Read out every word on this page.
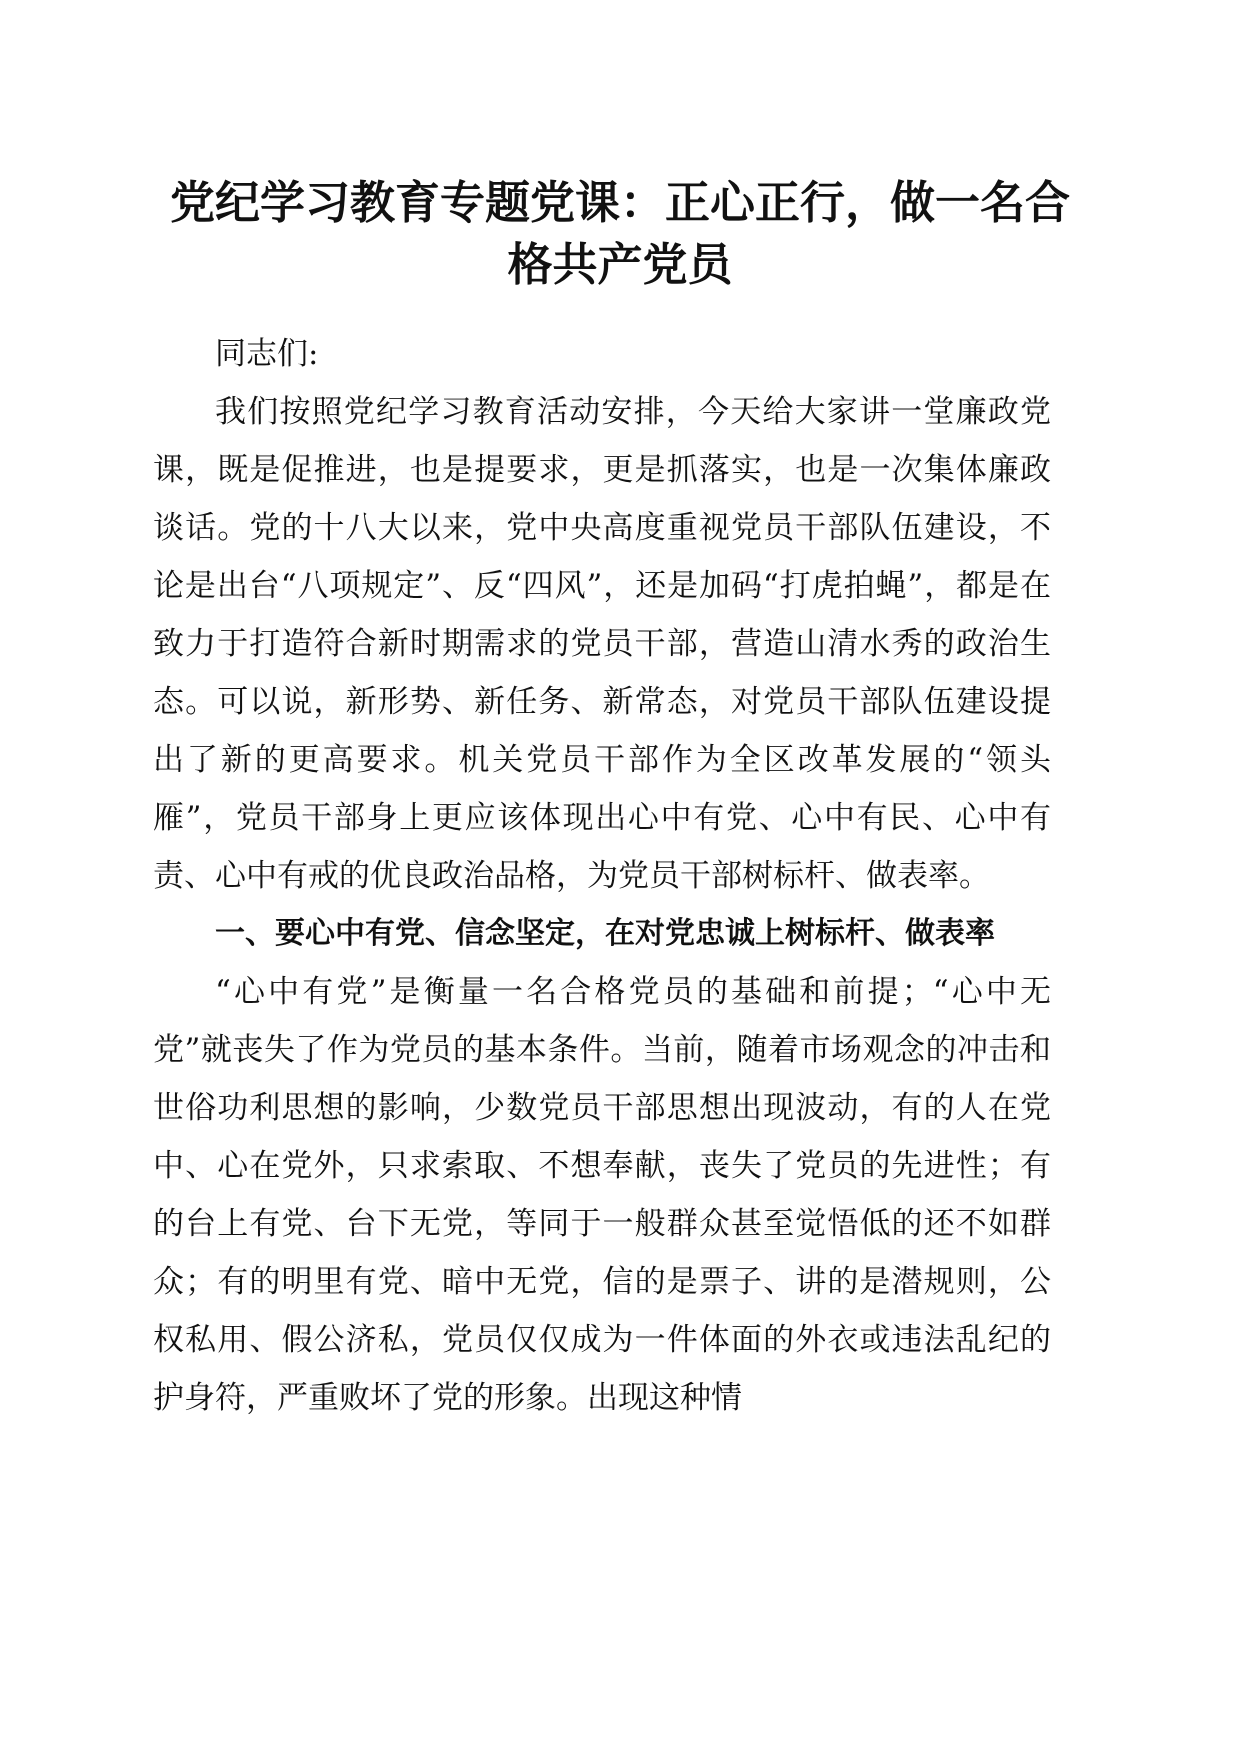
党纪学习教育专题党课：正心正行，做一名合
格共产党员

同志们:

我们按照党纪学习教育活动安排，今天给大家讲一堂廉政党课，既是促推进，也是提要求，更是抓落实，也是一次集体廉政谈话。党的十八大以来，党中央高度重视党员干部队伍建设，不论是出台“八项规定”、反“四风”，还是加码“打虎拍蝇”，都是在致力于打造符合新时期需求的党员干部，营造山清水秀的政治生态。可以说，新形势、新任务、新常态，对党员干部队伍建设提出了新的更高要求。机关党员干部作为全区改革发展的“领头雁”，党员干部身上更应该体现出心中有党、心中有民、心中有责、心中有戒的优良政治品格，为党员干部树标杆、做表率。

一、要心中有党、信念坚定，在对党忠诚上树标杆、做表率

“心中有党”是衡量一名合格党员的基础和前提；“心中无党”就丧失了作为党员的基本条件。当前，随着市场观念的冲击和世俗功利思想的影响，少数党员干部思想出现波动，有的人在党中、心在党外，只求索取、不想奉献，丧失了党员的先进性；有的台上有党、台下无党，等同于一般群众甚至觉悟低的还不如群众；有的明里有党、暗中无党，信的是票子、讲的是潜规则，公权私用、假公济私，党员仅仅成为一件体面的外衣或违法乱纪的护身符，严重败坏了党的形象。出现这种情
